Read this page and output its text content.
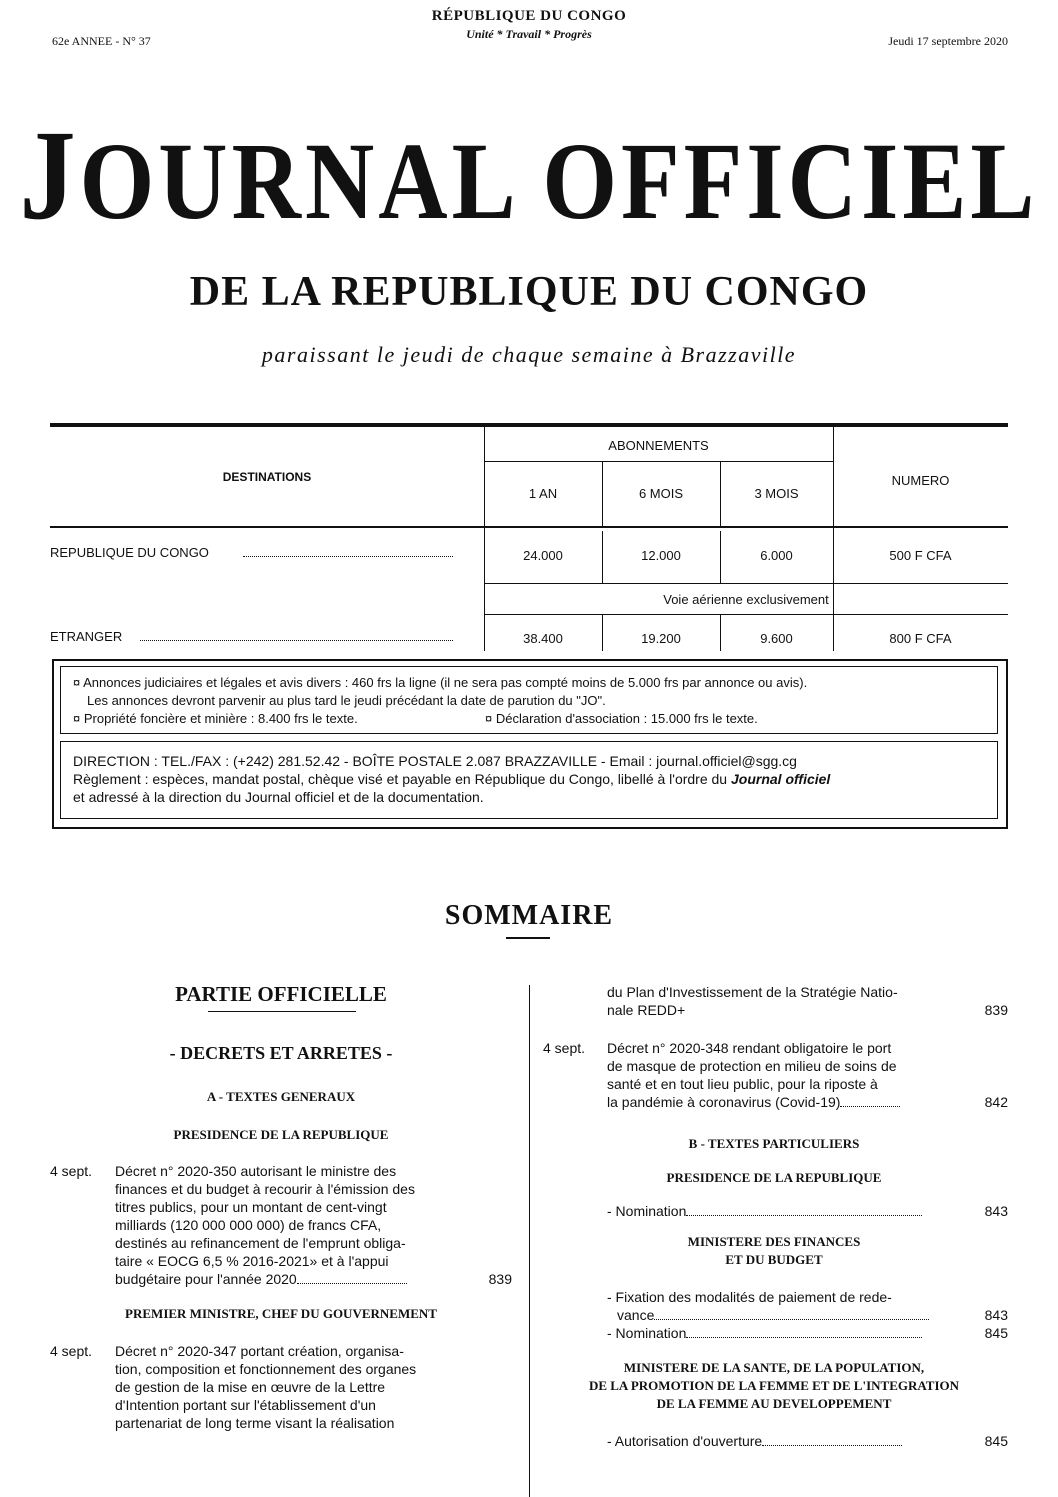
62e ANNEE - N° 37
RÉPUBLIQUE DU CONGO
Unité * Travail * Progrès	Jeudi 17 septembre 2020
JOURNAL OFFICIEL
DE LA REPUBLIQUE DU CONGO
paraissant le jeudi de chaque semaine à Brazzaville
DESTINATIONS
ABONNEMENTS
NUMERO
1 AN	6 MOIS	3 MOIS
REPUBLIQUE DU CONGO	24.000	12.000	6.000	500 F CFA
Voie aérienne exclusivement
ETRANGER	38.400	19.200	9.600	800 F CFA
¤ Annonces judiciaires et légales et avis divers : 460 frs la ligne (il ne sera pas compté moins de 5.000 frs par annonce ou avis).
Les annonces devront parvenir au plus tard le jeudi précédant la date de parution du "JO".
¤ Propriété foncière et minière : 8.400 frs le texte.	¤ Déclaration d'association : 15.000 frs le texte.
DIRECTION : TEL./FAX : (+242) 281.52.42 - BOÎTE POSTALE 2.087 BRAZZAVILLE - Email : journal.officiel@sgg.cg
Règlement : espèces, mandat postal, chèque visé et payable en République du Congo, libellé à l'ordre du Journal officiel
et adressé à la direction du Journal officiel et de la documentation.
SOMMAIRE
PARTIE OFFICIELLE
- DECRETS ET ARRETES -
A - TEXTES GENERAUX
PRESIDENCE DE LA REPUBLIQUE
4 sept. Décret n° 2020-350 autorisant le ministre des
finances et du budget à recourir à l'émission des
titres publics, pour un montant de cent-vingt
milliards (120 000 000 000) de francs CFA,
destinés au refinancement de l'emprunt obliga-
taire « EOCG 6,5 % 2016-2021» et à l'appui
budgétaire pour l'année 2020	839
PREMIER MINISTRE, CHEF DU GOUVERNEMENT
4 sept. Décret n° 2020-347 portant création, organisa-
tion, composition et fonctionnement des organes
de gestion de la mise en œuvre de la Lettre
d'Intention portant sur l'établissement d'un
partenariat de long terme visant la réalisation
du Plan d'Investissement de la Stratégie Natio-
nale REDD+	839
4 sept. Décret n° 2020-348 rendant obligatoire le port
de masque de protection en milieu de soins de
santé et en tout lieu public, pour la riposte à
la pandémie à coronavirus (Covid-19)	842
B - TEXTES PARTICULIERS
PRESIDENCE DE LA REPUBLIQUE
- Nomination	843
MINISTERE DES FINANCES
ET DU BUDGET
- Fixation des modalités de paiement de rede-
vance	843
- Nomination	845
MINISTERE DE LA SANTE, DE LA POPULATION,
DE LA PROMOTION DE LA FEMME ET DE L'INTEGRATION
DE LA FEMME AU DEVELOPPEMENT
- Autorisation d'ouverture	845
